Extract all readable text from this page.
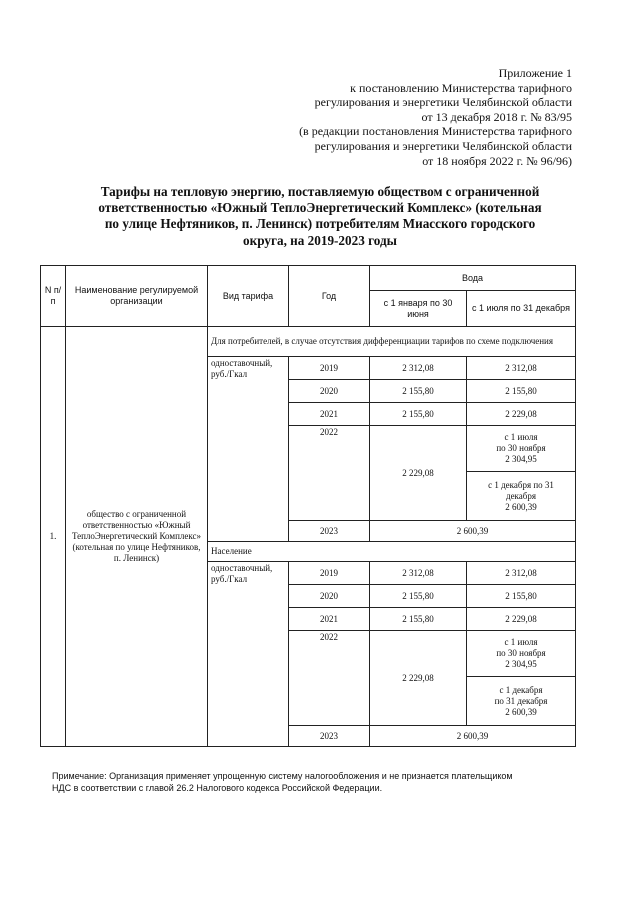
Приложение 1
к постановлению Министерства тарифного
регулирования и энергетики Челябинской области
от 13 декабря 2018 г. № 83/95
(в редакции постановления Министерства тарифного
регулирования и энергетики Челябинской области
от 18 ноября 2022 г. № 96/96)
Тарифы на тепловую энергию, поставляемую обществом с ограниченной
ответственностью «Южный ТеплоЭнергетический Комплекс» (котельная
по улице Нефтяников, п. Ленинск) потребителям Миасского городского
округа, на 2019-2023 годы
N п/п	Наименование регулируемой организации	Вид тарифа	Год	Вода	
				с 1 января по 30 июня	с 1 июля по 31 декабря
1.	общество с ограниченной ответственностью «Южный ТеплоЭнергетический Комплекс» (котельная по улице Нефтяников, п. Ленинск)	Для потребителей, в случае отсутствия дифференциации тарифов по схеме подключения			
		одноставочный, руб./Гкал	2019	2 312,08	2 312,08
			2020	2 155,80	2 155,80
			2021	2 155,80	2 229,08
			2022	2 229,08	с 1 июля
по 30 ноября
2 304,95
					с 1 декабря по 31
декабря
2 600,39
			2023	2 600,39	
		Население			
		одноставочный, руб./Гкал	2019	2 312,08	2 312,08
			2020	2 155,80	2 155,80
			2021	2 155,80	2 229,08
			2022	2 229,08	с 1 июля
по 30 ноября
2 304,95
					с 1 декабря
по 31 декабря
2 600,39
			2023	2 600,39	
Примечание: Организация применяет упрощенную систему налогообложения и не признается плательщиком
НДС в соответствии с главой 26.2 Налогового кодекса Российской Федерации.
